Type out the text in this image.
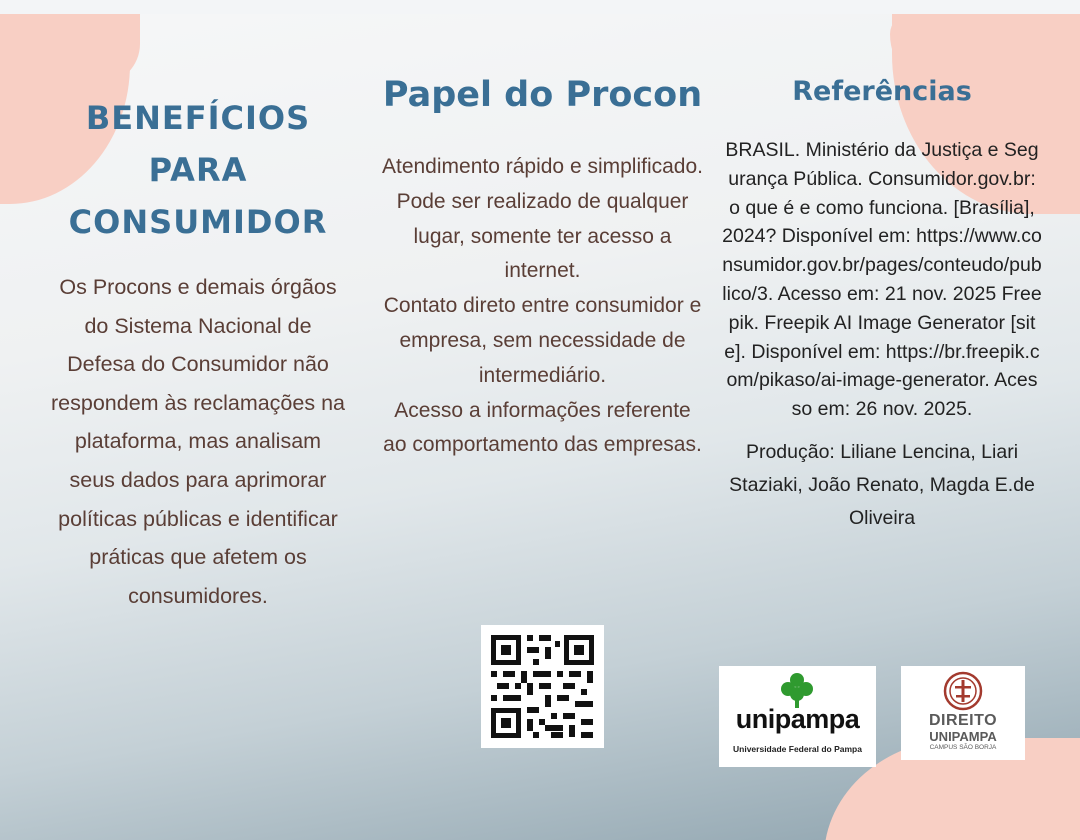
BENEFÍCIOS PARA CONSUMIDOR
Os Procons e demais órgãos do Sistema Nacional de Defesa do Consumidor não respondem às reclamações na plataforma, mas analisam seus dados para aprimorar políticas públicas e identificar práticas que afetem os consumidores.
Papel do Procon
Atendimento rápido e simplificado.
Pode ser realizado de qualquer lugar, somente ter acesso a internet.
Contato direto entre consumidor e empresa, sem necessidade de intermediário.
Acesso a informações referente ao comportamento das empresas.
Referências
BRASIL. Ministério da Justiça e Segurança Pública. Consumidor.gov.br: o que é e como funciona. [Brasília], 2024? Disponível em: https://www.consumidor.gov.br/pages/conteudo/publico/3. Acesso em: 21 nov. 2025 Freepik. Freepik AI Image Generator [site]. Disponível em: https://br.freepik.com/pikaso/ai-image-generator. Acesso em: 26 nov. 2025.
Produção: Liliane Lencina, Liari Staziaki, João Renato, Magda E.de Oliveira
unipampa
Universidade Federal do Pampa
DIREITO
UNIPAMPA
CAMPUS SÃO BORJA
